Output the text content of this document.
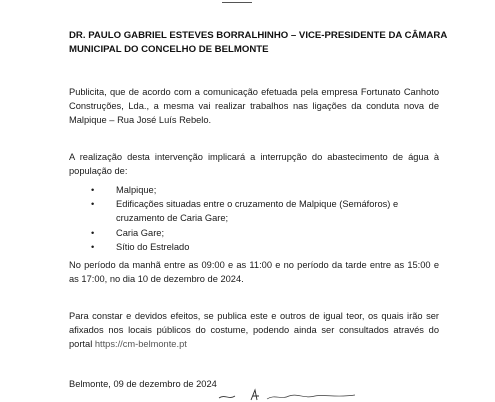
DR. PAULO GABRIEL ESTEVES BORRALHINHO – VICE-PRESIDENTE DA CÂMARA MUNICIPAL DO CONCELHO DE BELMONTE

Publicita, que de acordo com a comunicação efetuada pela empresa Fortunato Canhoto Construções, Lda., a mesma vai realizar trabalhos nas ligações da conduta nova de Malpique – Rua José Luís Rebelo.

A realização desta intervenção implicará a interrupção do abastecimento de água à população de:

• Malpique;
• Edificações situadas entre o cruzamento de Malpique (Semáforos) e cruzamento de Caria Gare;
• Caria Gare;
• Sítio do Estrelado

No período da manhã entre as 09:00 e as 11:00 e no período da tarde entre as 15:00 e as 17:00, no dia 10 de dezembro de 2024.

Para constar e devidos efeitos, se publica este e outros de igual teor, os quais irão ser afixados nos locais públicos do costume, podendo ainda ser consultados através do portal https://cm-belmonte.pt

Belmonte, 09 de dezembro de 2024
